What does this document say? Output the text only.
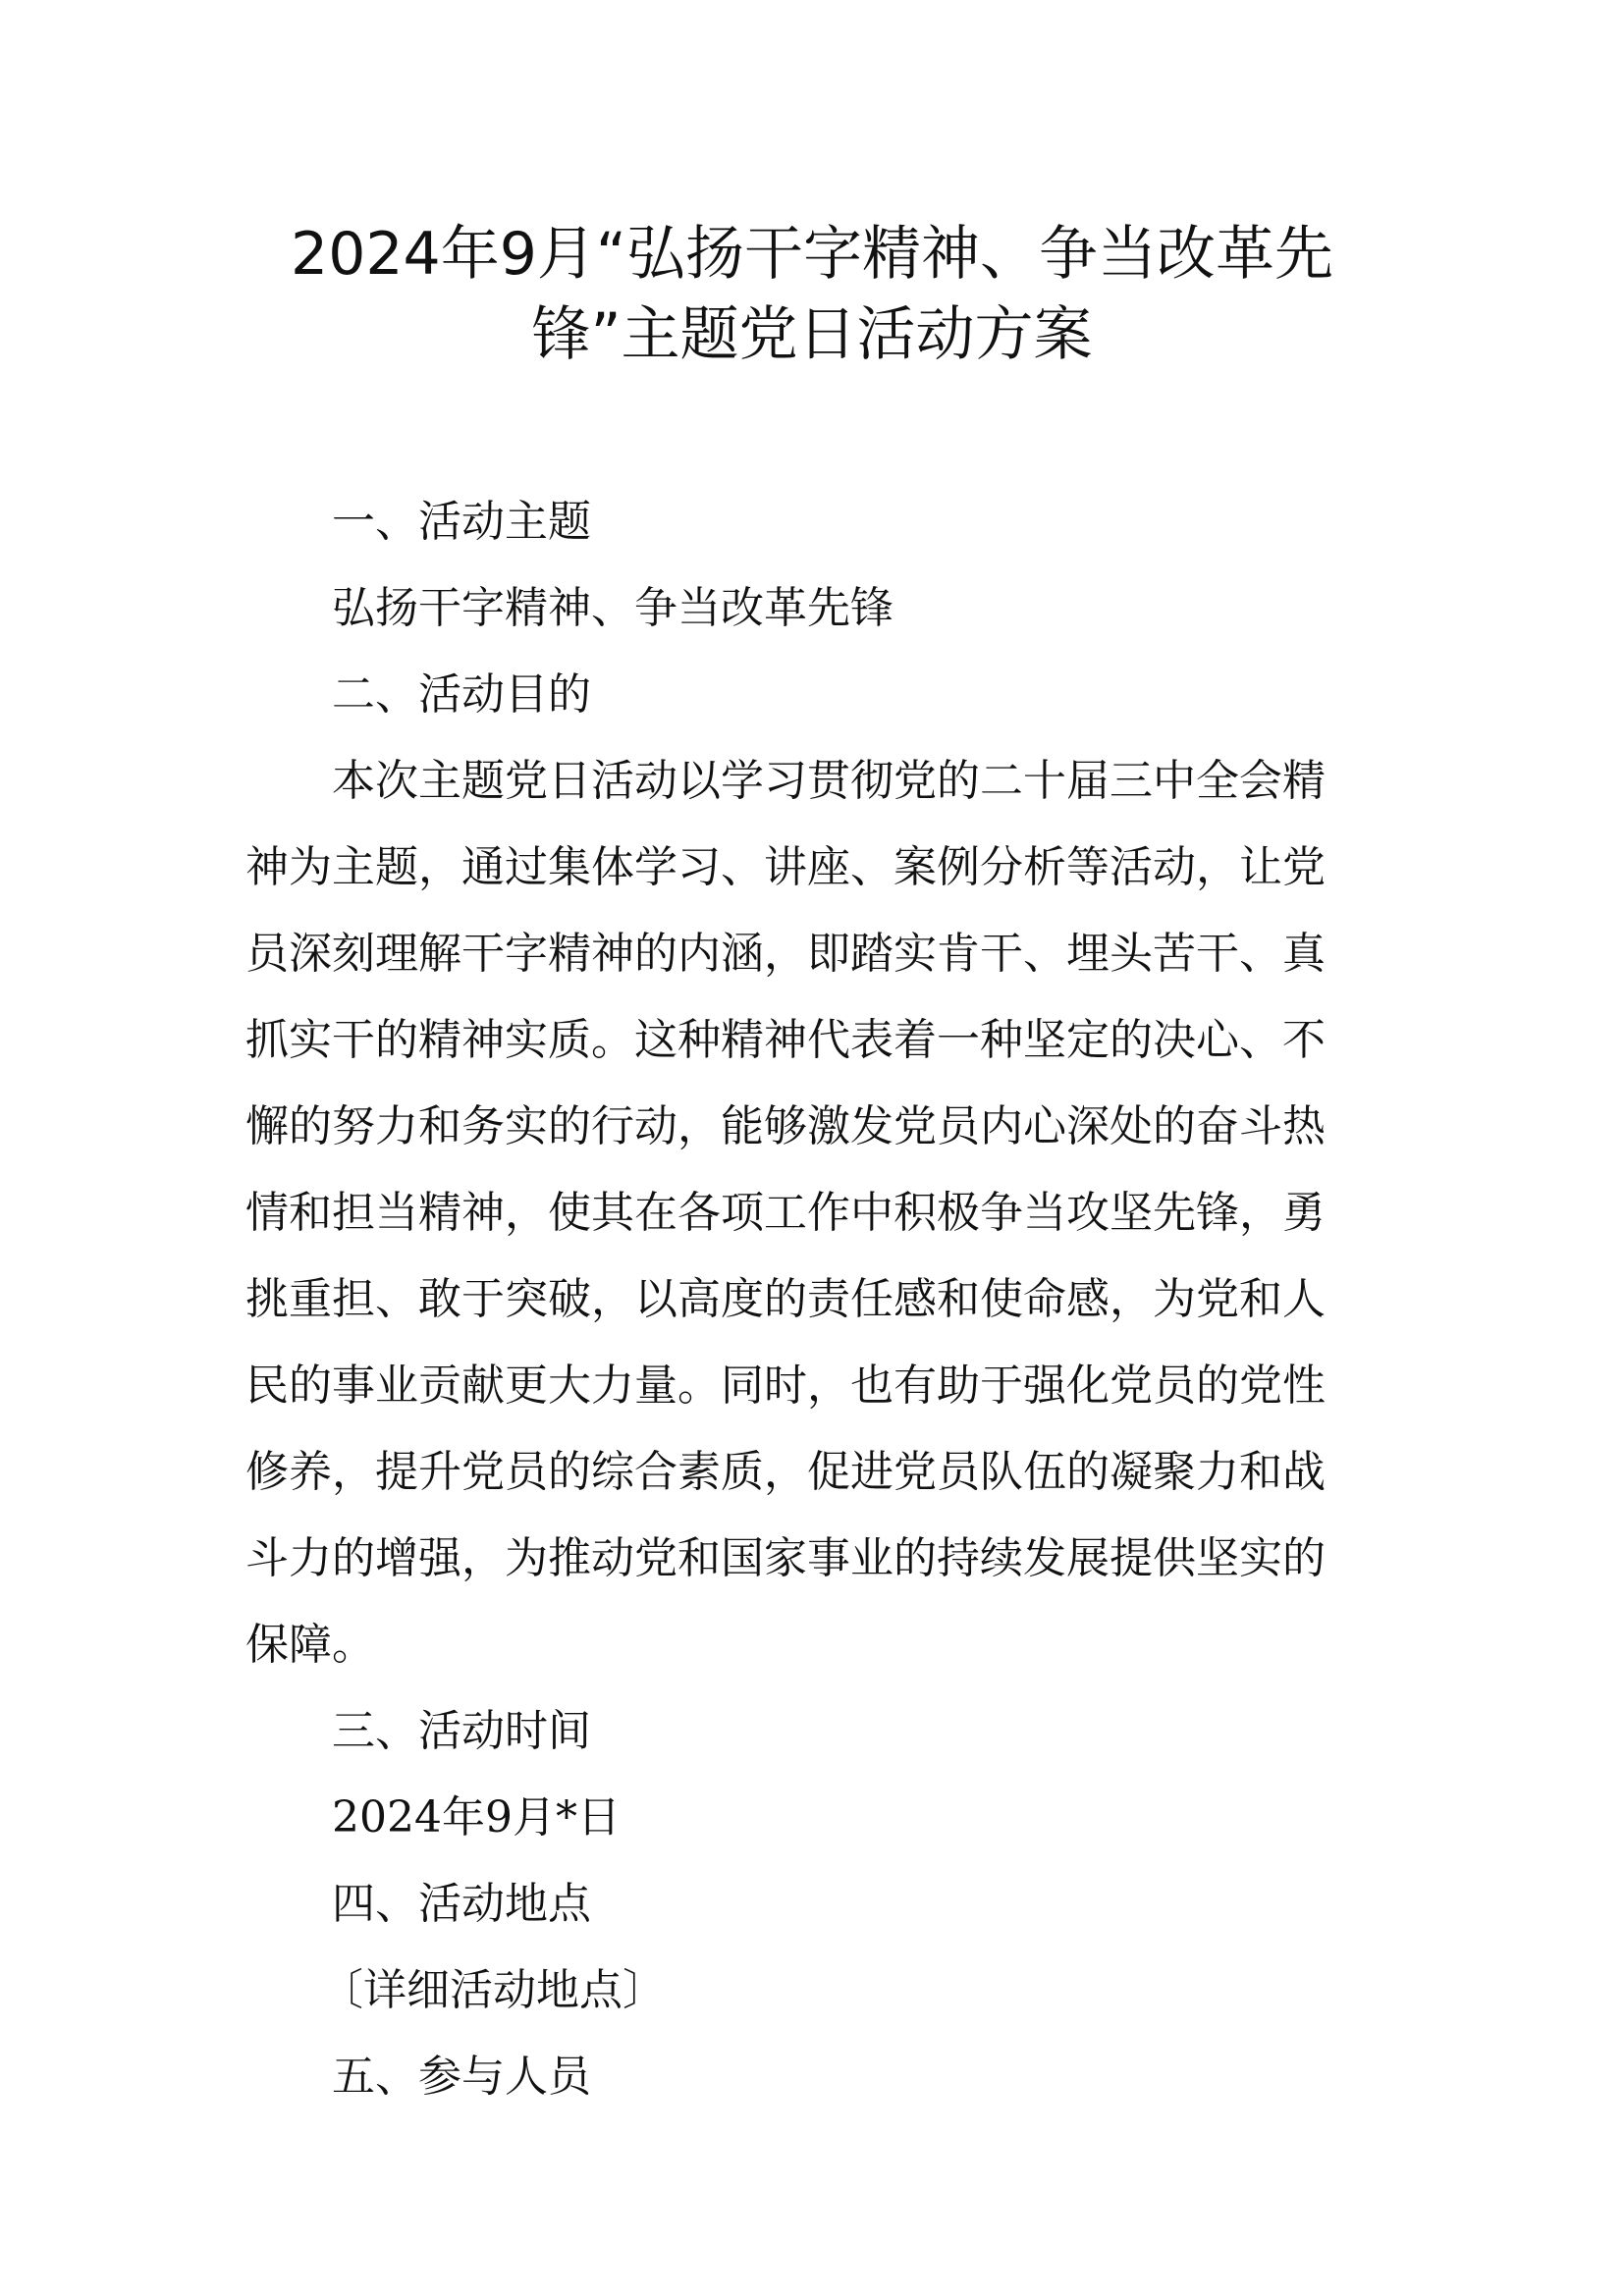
2024年9月“弘扬干字精神、争当改革先
锋”主题党日活动方案

一、活动主题

弘扬干字精神、争当改革先锋

二、活动目的

本次主题党日活动以学习贯彻党的二十届三中全会精

神为主题，通过集体学习、讲座、案例分析等活动，让党

员深刻理解干字精神的内涵，即踏实肯干、埋头苦干、真

抓实干的精神实质。这种精神代表着一种坚定的决心、不

懈的努力和务实的行动，能够激发党员内心深处的奋斗热

情和担当精神，使其在各项工作中积极争当攻坚先锋，勇

挑重担、敢于突破，以高度的责任感和使命感，为党和人

民的事业贡献更大力量。同时，也有助于强化党员的党性

修养，提升党员的综合素质，促进党员队伍的凝聚力和战

斗力的增强，为推动党和国家事业的持续发展提供坚实的

保障。

三、活动时间

2024年9月*日

四、活动地点

〔详细活动地点〕

五、参与人员
